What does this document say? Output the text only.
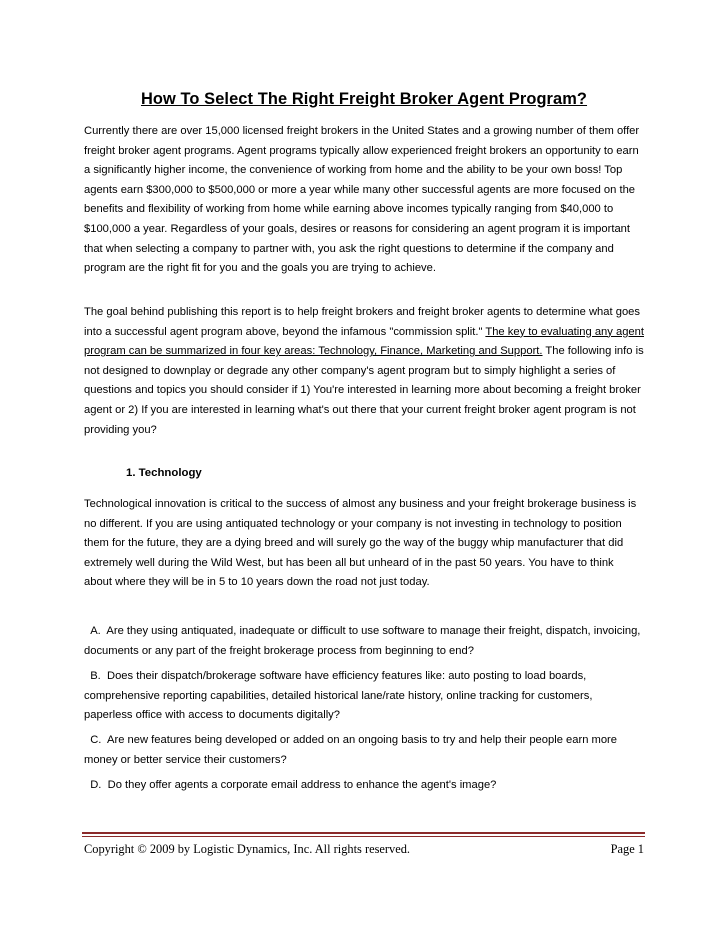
How To Select The Right Freight Broker Agent Program?

Currently there are over 15,000 licensed freight brokers in the United States and a growing number of them offer freight broker agent programs. Agent programs typically allow experienced freight brokers an opportunity to earn a significantly higher income, the convenience of working from home and the ability to be your own boss! Top agents earn $300,000 to $500,000 or more a year while many other successful agents are more focused on the benefits and flexibility of working from home while earning above incomes typically ranging from $40,000 to $100,000 a year. Regardless of your goals, desires or reasons for considering an agent program it is important that when selecting a company to partner with, you ask the right questions to determine if the company and program are the right fit for you and the goals you are trying to achieve.

The goal behind publishing this report is to help freight brokers and freight broker agents to determine what goes into a successful agent program above, beyond the infamous "commission split." The key to evaluating any agent program can be summarized in four key areas: Technology, Finance, Marketing and Support. The following info is not designed to downplay or degrade any other company's agent program but to simply highlight a series of questions and topics you should consider if 1) You're interested in learning more about becoming a freight broker agent or 2) If you are interested in learning what's out there that your current freight broker agent program is not providing you?

1. Technology

Technological innovation is critical to the success of almost any business and your freight brokerage business is no different. If you are using antiquated technology or your company is not investing in technology to position them for the future, they are a dying breed and will surely go the way of the buggy whip manufacturer that did extremely well during the Wild West, but has been all but unheard of in the past 50 years. You have to think about where they will be in 5 to 10 years down the road not just today.

A.  Are they using antiquated, inadequate or difficult to use software to manage their freight, dispatch, invoicing, documents or any part of the freight brokerage process from beginning to end?

B.  Does their dispatch/brokerage software have efficiency features like: auto posting to load boards, comprehensive reporting capabilities, detailed historical lane/rate history, online tracking for customers, paperless office with access to documents digitally?

C.  Are new features being developed or added on an ongoing basis to try and help their people earn more money or better service their customers?

D.  Do they offer agents a corporate email address to enhance the agent's image?

Copyright © 2009 by Logistic Dynamics, Inc. All rights reserved.	Page 1
